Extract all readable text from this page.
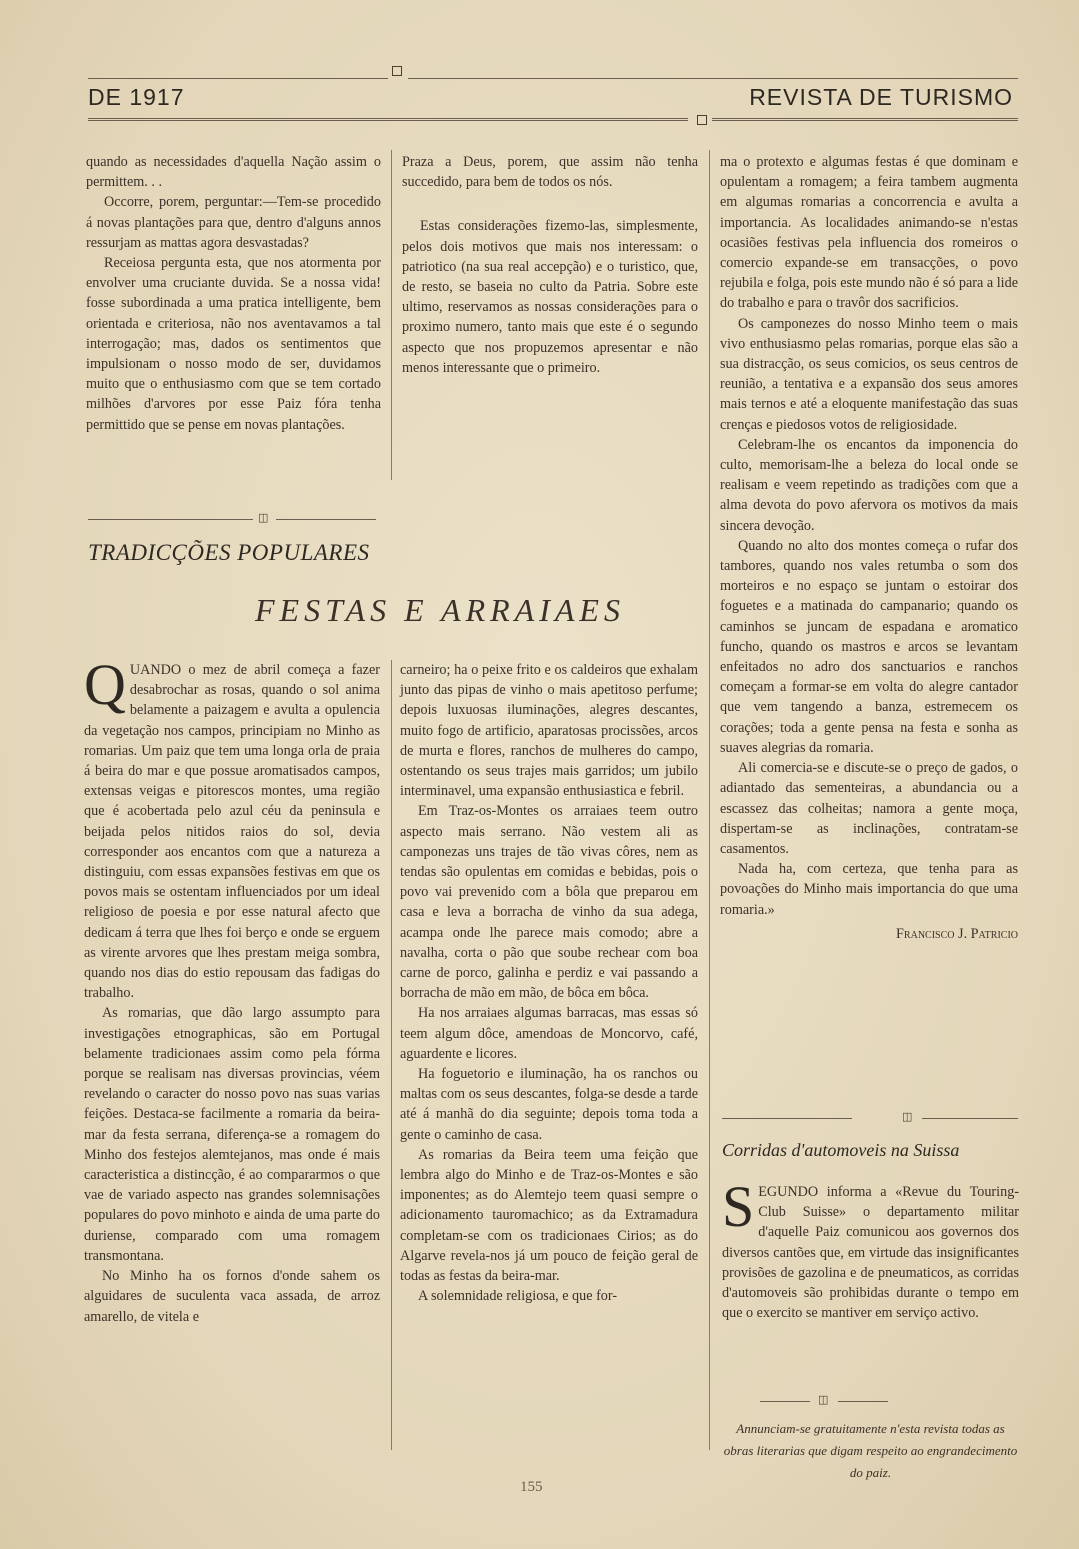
DE 1917	REVISTA DE TURISMO

quando as necessidades d'aquella Nação assim o permittem. . .

Occorre, porem, perguntar:—Tem-se procedido á novas plantações para que, dentro d'alguns annos ressurjam as mattas agora desvastadas?

Receiosa pergunta esta, que nos atormenta por envolver uma cruciante duvida. Se a nossa vida! fosse subordinada a uma pratica intelligente, bem orientada e criteriosa, não nos aventavamos a tal interrogação; mas, dados os sentimentos que impulsionam o nosso modo de ser, duvidamos muito que o enthusiasmo com que se tem cortado milhões d'arvores por esse Paiz fóra tenha permittido que se pense em novas plantações.

Praza a Deus, porem, que assim não tenha succedido, para bem de todos os nós.

Estas considerações fizemo-las, simplesmente, pelos dois motivos que mais nos interessam: o patriotico (na sua real accepção) e o turistico, que, de resto, se baseia no culto da Patria. Sobre este ultimo, reservamos as nossas considerações para o proximo numero, tanto mais que este é o segundo aspecto que nos propuzemos apresentar e não menos interessante que o primeiro.

◫
TRADICÇÕES POPULARES
FESTAS E ARRAIAES

QUANDO o mez de abril começa a fazer desabrochar as rosas, quando o sol anima belamente a paizagem e avulta a opulencia da vegetação nos campos, principiam no Minho as romarias. Um paiz que tem uma longa orla de praia á beira do mar e que possue aromatisados campos, extensas veigas e pitorescos montes, uma região que é acobertada pelo azul céu da peninsula e beijada pelos nitidos raios do sol, devia corresponder aos encantos com que a natureza a distinguiu, com essas expansões festivas em que os povos mais se ostentam influenciados por um ideal religioso de poesia e por esse natural afecto que dedicam á terra que lhes foi berço e onde se erguem as virente arvores que lhes prestam meiga sombra, quando nos dias do estio repousam das fadigas do trabalho.

As romarias, que dão largo assumpto para investigações etnographicas, são em Portugal belamente tradicionaes assim como pela fórma porque se realisam nas diversas provincias, véem revelando o caracter do nosso povo nas suas varias feições. Destaca-se facilmente a romaria da beira-mar da festa serrana, diferença-se a romagem do Minho dos festejos alemtejanos, mas onde é mais caracteristica a distincção, é ao compararmos o que vae de variado aspecto nas grandes solemnisações populares do povo minhoto e ainda de uma parte do duriense, comparado com uma romagem transmontana.

No Minho ha os fornos d'onde sahem os alguidares de suculenta vaca assada, de arroz amarello, de vitela e

carneiro; ha o peixe frito e os caldeiros que exhalam junto das pipas de vinho o mais apetitoso perfume; depois luxuosas iluminações, alegres descantes, muito fogo de artificio, aparatosas procissões, arcos de murta e flores, ranchos de mulheres do campo, ostentando os seus trajes mais garridos; um jubilo interminavel, uma expansão enthusiastica e febril.

Em Traz-os-Montes os arraiaes teem outro aspecto mais serrano. Não vestem ali as camponezas uns trajes de tão vivas côres, nem as tendas são opulentas em comidas e bebidas, pois o povo vai prevenido com a bôla que preparou em casa e leva a borracha de vinho da sua adega, acampa onde lhe parece mais comodo; abre a navalha, corta o pão que soube rechear com boa carne de porco, galinha e perdiz e vai passando a borracha de mão em mão, de bôca em bôca.

Ha nos arraiaes algumas barracas, mas essas só teem algum dôce, amendoas de Moncorvo, café, aguardente e licores.

Ha foguetorio e iluminação, ha os ranchos ou maltas com os seus descantes, folga-se desde a tarde até á manhã do dia seguinte; depois toma toda a gente o caminho de casa.

As romarias da Beira teem uma feição que lembra algo do Minho e de Traz-os-Montes e são imponentes; as do Alemtejo teem quasi sempre o adicionamento tauromachico; as da Extramadura completam-se com os tradicionaes Cirios; as do Algarve revela-nos já um pouco de feição geral de todas as festas da beira-mar.

A solemnidade religiosa, e que for-

ma o protexto e algumas festas é que dominam e opulentam a romagem; a feira tambem augmenta em algumas romarias a concorrencia e avulta a importancia. As localidades animando-se n'estas ocasiões festivas pela influencia dos romeiros o comercio expande-se em transacções, o povo rejubila e folga, pois este mundo não é só para a lide do trabalho e para o travôr dos sacrificios.

Os camponezes do nosso Minho teem o mais vivo enthusiasmo pelas romarias, porque elas são a sua distracção, os seus comicios, os seus centros de reunião, a tentativa e a expansão dos seus amores mais ternos e até a eloquente manifestação das suas crenças e piedosos votos de religiosidade.

Celebram-lhe os encantos da imponencia do culto, memorisam-lhe a beleza do local onde se realisam e veem repetindo as tradições com que a alma devota do povo afervora os motivos da mais sincera devoção.

Quando no alto dos montes começa o rufar dos tambores, quando nos vales retumba o som dos morteiros e no espaço se juntam o estoirar dos foguetes e a matinada do campanario; quando os caminhos se juncam de espadana e aromatico funcho, quando os mastros e arcos se levantam enfeitados no adro dos sanctuarios e ranchos começam a formar-se em volta do alegre cantador que vem tangendo a banza, estremecem os corações; toda a gente pensa na festa e sonha as suaves alegrias da romaria.

Ali comercia-se e discute-se o preço de gados, o adiantado das sementeiras, a abundancia ou a escassez das colheitas; namora a gente moça, dispertam-se as inclinações, contratam-se casamentos.

Nada ha, com certeza, que tenha para as povoações do Minho mais importancia do que uma romaria.»

Francisco J. Patricio
◫
Corridas d'automoveis na Suissa

SEGUNDO informa a «Revue du Touring-Club Suisse» o departamento militar d'aquelle Paiz comunicou aos governos dos diversos cantões que, em virtude das insignificantes provisões de gazolina e de pneumaticos, as corridas d'automoveis são prohibidas durante o tempo em que o exercito se mantiver em serviço activo.

◫
Annunciam-se gratuitamente n'esta revista todas as obras literarias que digam respeito ao engrandecimento do paiz.
155
